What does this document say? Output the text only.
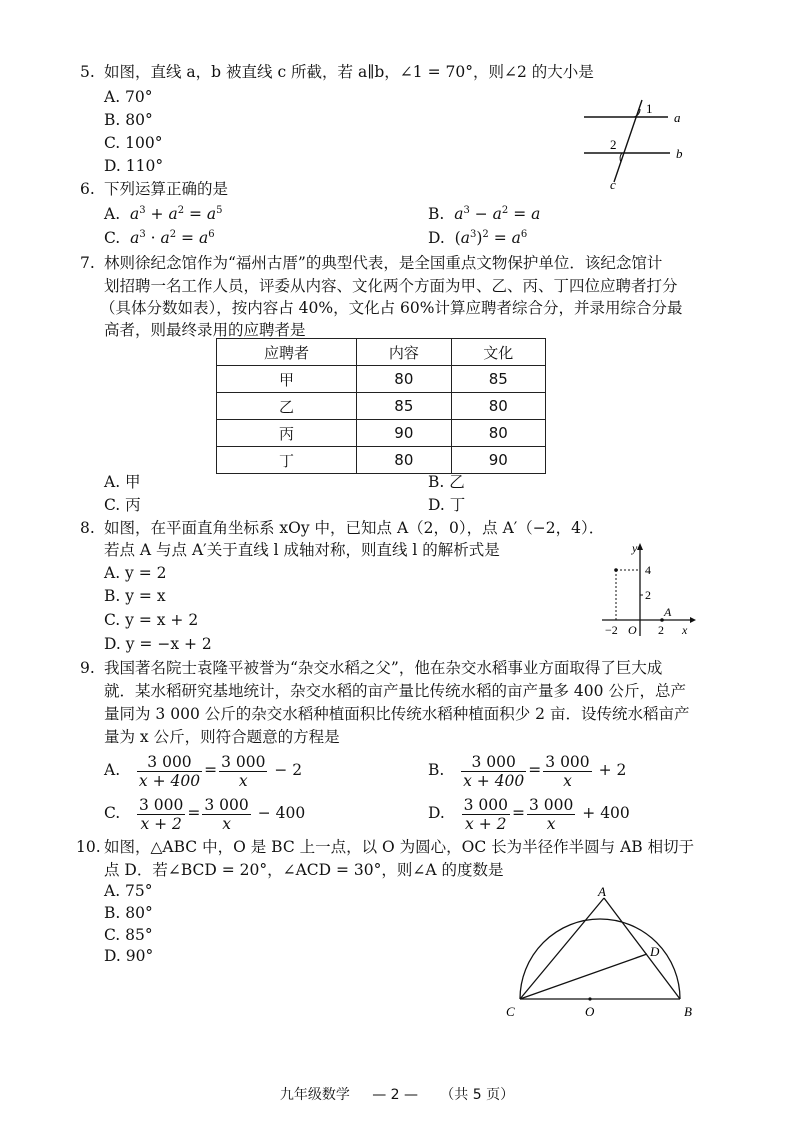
5. 如图，直线 a，b 被直线 c 所截，若 a∥b，∠1 = 70°，则∠2 的大小是
A. 70°
B. 80°
C. 100°
D. 110°
1
2
a
b
c
6. 下列运算正确的是
A. $a^3 + a^2 = a^5$	B. $a^3 - a^2 = a$
C. $a^3 \cdot a^2 = a^6$	D.  $(a^3)^2 = a^6$
7. 林则徐纪念馆作为“福州古厝”的典型代表，是全国重点文物保护单位．该纪念馆计
划招聘一名工作人员，评委从内容、文化两个方面为甲、乙、丙、丁四位应聘者打分
（具体分数如表），按内容占 40%，文化占 60%计算应聘者综合分，并录用综合分最
高者，则最终录用的应聘者是
应聘者	内容	文化
甲	80	85
乙	85	80
丙	90	80
丁	80	90
A. 甲	B. 乙
C. 丙	D. 丁
8. 如图，在平面直角坐标系 xOy 中，已知点 A（2，0），点 A′（−2，4）．
若点 A 与点 A′关于直线 l 成轴对称，则直线 l 的解析式是
A. y = 2
B. y = x
C. y = x + 2
D. y = −x + 2
y
x
O
4
2
−2	2
A
9. 我国著名院士袁隆平被誉为“杂交水稻之父”，他在杂交水稻事业方面取得了巨大成
就．某水稻研究基地统计，杂交水稻的亩产量比传统水稻的亩产量多 400 公斤，总产
量同为 3 000 公斤的杂交水稻种植面积比传统水稻种植面积少 2 亩．设传统水稻亩产
量为 x 公斤，则符合题意的方程是
A. $\frac{3 000}{x + 400} = \frac{3 000}{x} - 2$	B. $\frac{3 000}{x + 400} = \frac{3 000}{x} + 2$
C. $\frac{3 000}{x + 2} = \frac{3 000}{x} - 400$	D. $\frac{3 000}{x + 2} = \frac{3 000}{x} + 400$
10. 如图，△ABC 中，O 是 BC 上一点，以 O 为圆心，OC 长为半径作半圆与 AB 相切于
点 D．若∠BCD = 20°，∠ACD = 30°，则∠A 的度数是
A. 75°
B. 80°
C. 85°
D. 90°
A
B
C
D
O
九年级数学 — 2 — （共 5 页）
